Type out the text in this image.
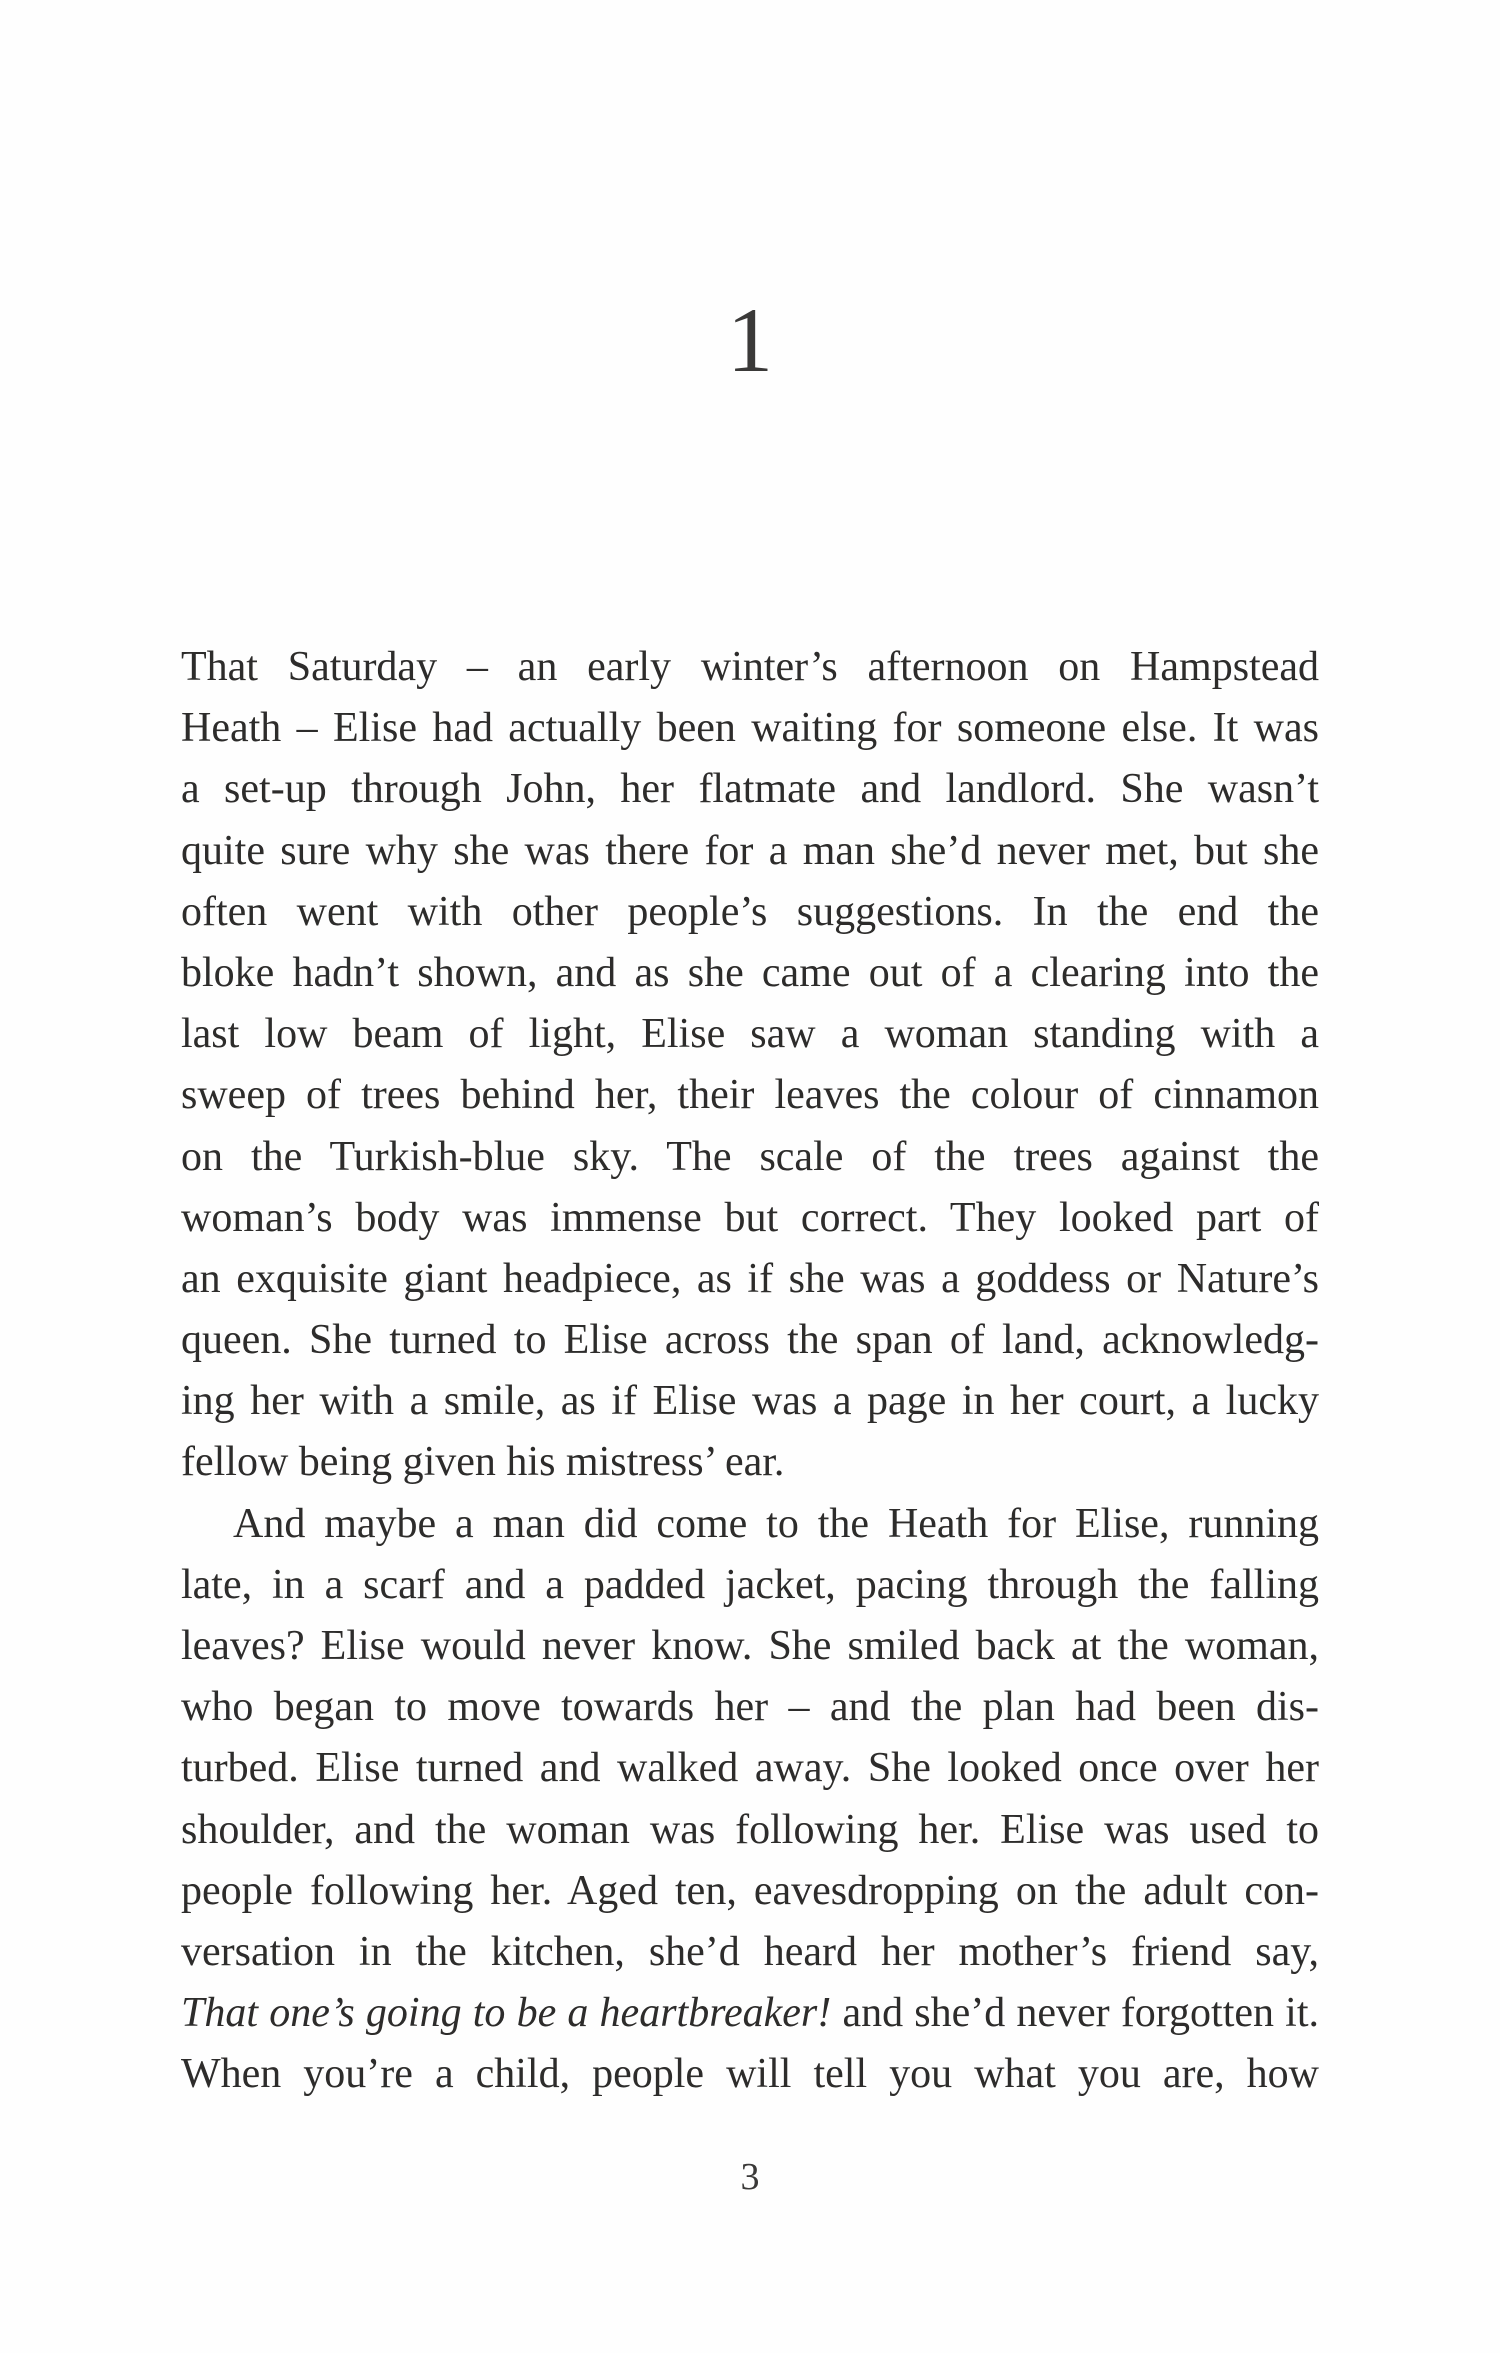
1
That Saturday – an early winter’s afternoon on Hampstead
Heath – Elise had actually been waiting for someone else. It was
a set-up through John, her flatmate and landlord. She wasn’t
quite sure why she was there for a man she’d never met, but she
often went with other people’s suggestions. In the end the
bloke hadn’t shown, and as she came out of a clearing into the
last low beam of light, Elise saw a woman standing with a
sweep of trees behind her, their leaves the colour of cinnamon
on the Turkish-blue sky. The scale of the trees against the
woman’s body was immense but correct. They looked part of
an exquisite giant headpiece, as if she was a goddess or Nature’s
queen. She turned to Elise across the span of land, acknowledg-
ing her with a smile, as if Elise was a page in her court, a lucky
fellow being given his mistress’ ear.
And maybe a man did come to the Heath for Elise, running
late, in a scarf and a padded jacket, pacing through the falling
leaves? Elise would never know. She smiled back at the woman,
who began to move towards her – and the plan had been dis-
turbed. Elise turned and walked away. She looked once over her
shoulder, and the woman was following her. Elise was used to
people following her. Aged ten, eavesdropping on the adult con-
versation in the kitchen, she’d heard her mother’s friend say,
That one’s going to be a heartbreaker! and she’d never forgotten it.
When you’re a child, people will tell you what you are, how
3
